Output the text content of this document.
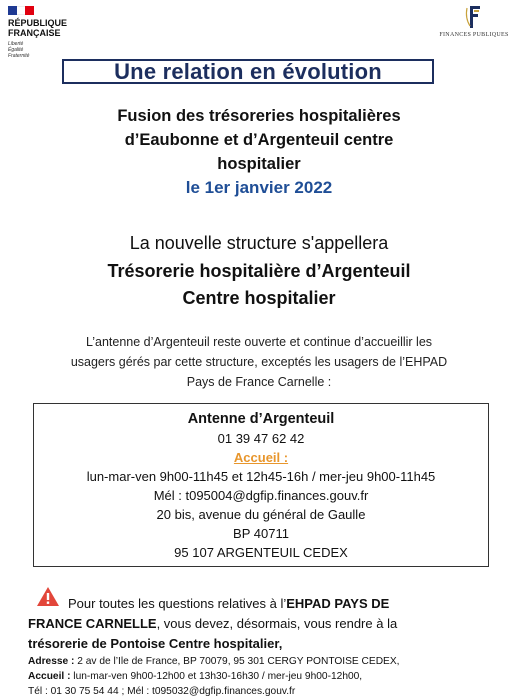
RÉPUBLIQUE
FRANÇAISE
Liberté
Égalité
Fraternité
FINANCES PUBLIQUES
Une relation en évolution
Fusion des trésoreries hospitalières
d’Eaubonne et d’Argenteuil centre
hospitalier
le 1er janvier 2022
La nouvelle structure s'appellera
Trésorerie hospitalière d’Argenteuil
Centre hospitalier
L’antenne d’Argenteuil reste ouverte et continue d’accueillir les
usagers gérés par cette structure, exceptés les usagers de l’EHPAD
Pays de France Carnelle :
Antenne d’Argenteuil
01 39 47 62 42
Accueil :
lun-mar-ven 9h00-11h45 et 12h45-16h / mer-jeu 9h00-11h45
Mél : t095004@dgfip.finances.gouv.fr
20 bis, avenue du général de Gaulle
BP 40711
95 107 ARGENTEUIL CEDEX
Pour toutes les questions relatives à l’EHPAD PAYS DE
FRANCE CARNELLE, vous devez, désormais, vous rendre à la
trésorerie de Pontoise Centre hospitalier,
Adresse : 2 av de l’Ile de France, BP 70079, 95 301 CERGY PONTOISE CEDEX,
Accueil : lun-mar-ven 9h00-12h00 et 13h30-16h30 / mer-jeu 9h00-12h00,
Tél : 01 30 75 54 44 ; Mél : t095032@dgfip.finances.gouv.fr
